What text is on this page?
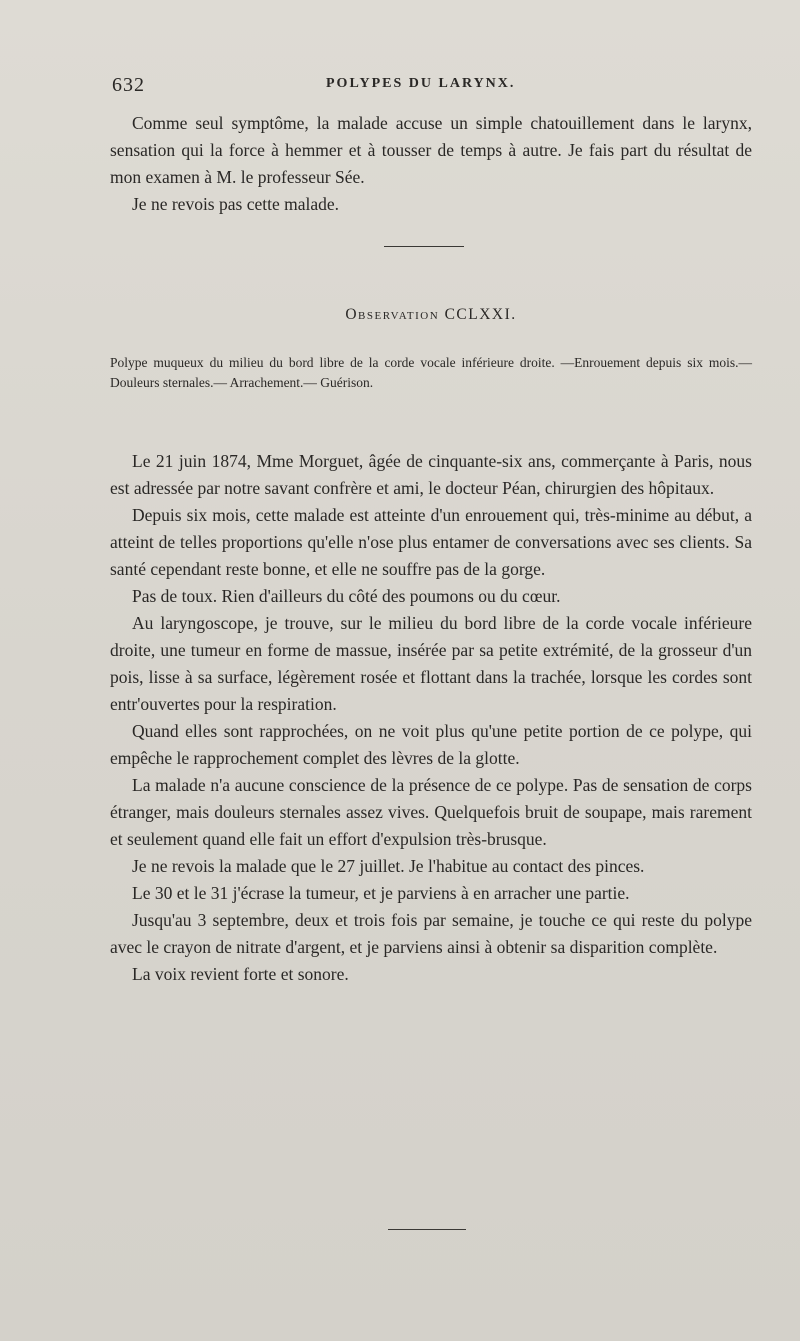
632	POLYPES DU LARYNX.

Comme seul symptôme, la malade accuse un simple chatouillement dans le larynx, sensation qui la force à hemmer et à tousser de temps à autre. Je fais part du résultat de mon examen à M. le professeur Sée.

Je ne revois pas cette malade.

Observation CCLXXI.

Polype muqueux du milieu du bord libre de la corde vocale inférieure droite. —Enrouement depuis six mois.—Douleurs sternales.— Arrachement.— Guérison.

Le 21 juin 1874, Mme Morguet, âgée de cinquante-six ans, commerçante à Paris, nous est adressée par notre savant confrère et ami, le docteur Péan, chirurgien des hôpitaux.

Depuis six mois, cette malade est atteinte d'un enrouement qui, très-minime au début, a atteint de telles proportions qu'elle n'ose plus entamer de conversations avec ses clients. Sa santé cependant reste bonne, et elle ne souffre pas de la gorge.

Pas de toux. Rien d'ailleurs du côté des poumons ou du cœur.

Au laryngoscope, je trouve, sur le milieu du bord libre de la corde vocale inférieure droite, une tumeur en forme de massue, insérée par sa petite extrémité, de la grosseur d'un pois, lisse à sa surface, légèrement rosée et flottant dans la trachée, lorsque les cordes sont entr'ouvertes pour la respiration.

Quand elles sont rapprochées, on ne voit plus qu'une petite portion de ce polype, qui empêche le rapprochement complet des lèvres de la glotte.

La malade n'a aucune conscience de la présence de ce polype. Pas de sensation de corps étranger, mais douleurs sternales assez vives. Quelquefois bruit de soupape, mais rarement et seulement quand elle fait un effort d'expulsion très-brusque.

Je ne revois la malade que le 27 juillet. Je l'habitue au contact des pinces.

Le 30 et le 31 j'écrase la tumeur, et je parviens à en arracher une partie.

Jusqu'au 3 septembre, deux et trois fois par semaine, je touche ce qui reste du polype avec le crayon de nitrate d'argent, et je parviens ainsi à obtenir sa disparition complète.

La voix revient forte et sonore.
